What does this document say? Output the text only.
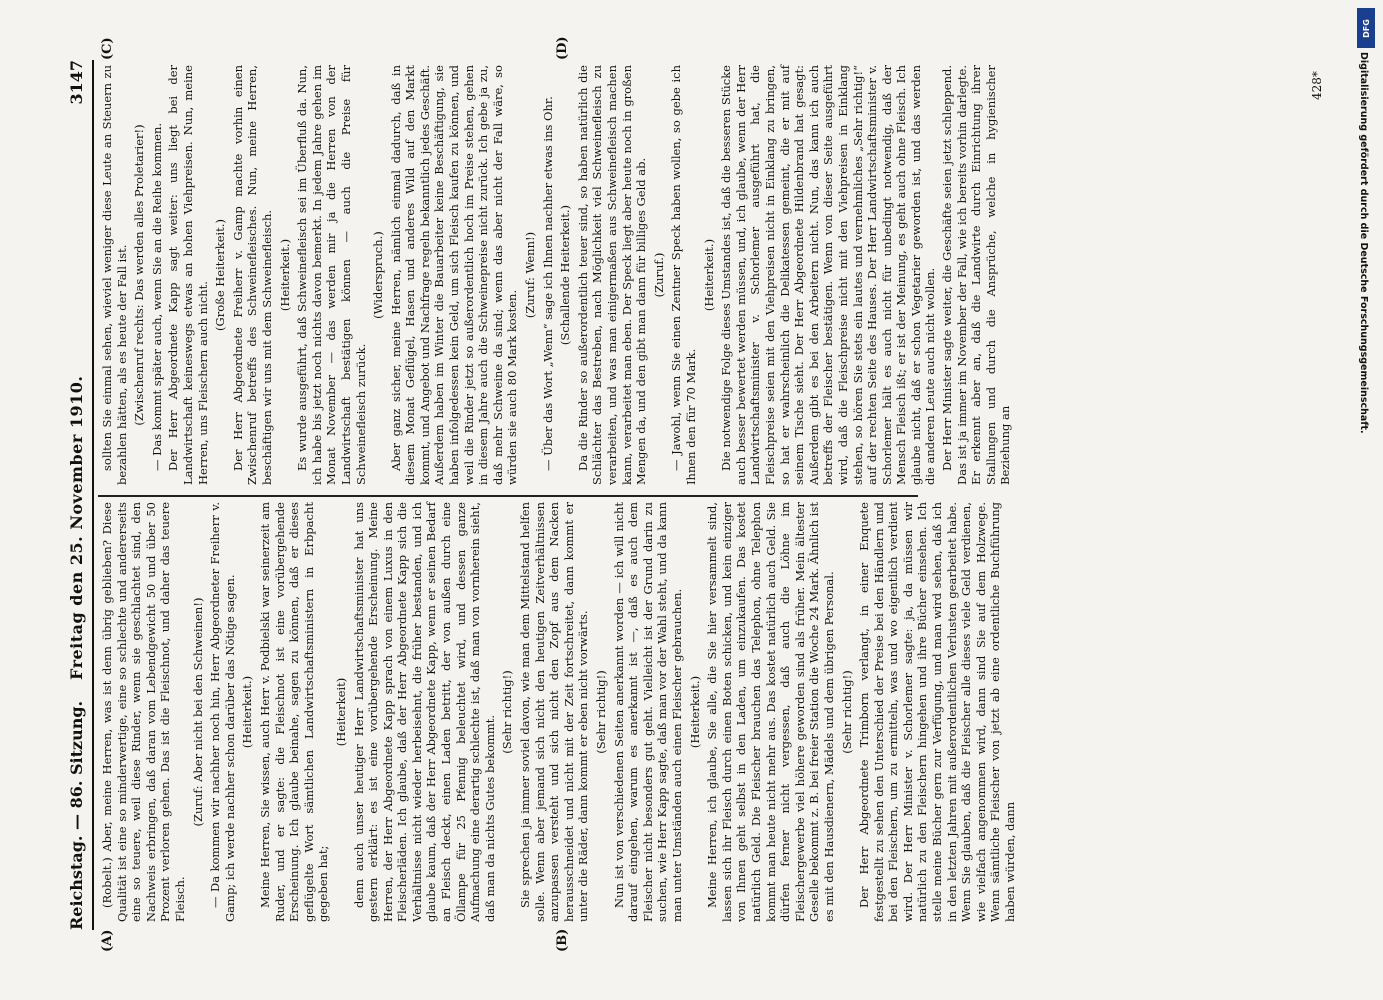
Reichstag. — 86. Sitzung.
Freitag den 25. November 1910.
3147
(A)	(B)
(C)	(D)

(Robelt.) Aber, meine Herren, was ist denn übrig geblieben? Diese Qualität ist eine so minderwertige, eine so schlechte und andererseits eine so teuere, weil diese Rinder, wenn sie geschlachtet sind, den Nachweis erbringen, daß daran vom Lebendgewicht 50 und über 50 Prozent verloren gehen. Das ist die Fleischnot, und daher das teuere Fleisch.

(Zuruf: Aber nicht bei den Schweinen!) — Da kommen wir nachher noch hin, Herr Abgeordneter Freiherr v. Gamp; ich werde nachher schon darüber das Nötige sagen. (Heiterkeit.) Meine Herren, Sie wissen, auch Herr v. Podbielski war seinerzeit am Ruder, und er sagte: die Fleischnot ist eine vorübergehende Erscheinung. Ich glaube beinahe, sagen zu können, daß er dieses geflügelte Wort sämtlichen Landwirtschaftsministern in Erbpacht gegeben hat;

(Heiterkeit) denn auch unser heutiger Herr Landwirtschaftsminister hat uns gestern erklärt: es ist eine vorübergehende Erscheinung. Meine Herren, der Herr Abgeordnete Kapp sprach von einem Luxus in den Fleischerläden. Ich glaube, daß der Herr Abgeordnete Kapp sich die Verhältnisse nicht wieder herbeisehnt, die früher bestanden, und ich glaube kaum, daß der Herr Abgeordnete Kapp, wenn er seinen Bedarf an Fleisch deckt, einen Laden betritt, der von außen durch eine Öllampe für 25 Pfennig beleuchtet wird, und dessen ganze Aufmachung eine derartig schlechte ist, daß man von vornherein sieht, daß man da nichts Gutes bekommt.

(Sehr richtig!) Sie sprechen ja immer soviel davon, wie man dem Mittelstand helfen solle. Wenn aber jemand sich nicht den heutigen Zeitverhältnissen anzupassen versteht und sich nicht den Zopf aus dem Nacken herausschneidet und nicht mit der Zeit fortschreitet, dann kommt er unter die Räder, dann kommt er eben nicht vorwärts. (Sehr richtig!) Nun ist von verschiedenen Seiten anerkannt worden — ich will nicht darauf eingehen, warum es anerkannt ist —, daß es auch dem Fleischer nicht besonders gut geht. Vielleicht ist der Grund darin zu suchen, wie Herr Kapp sagte, daß man vor der Wahl steht, und da kann man unter Umständen auch einen Fleischer gebrauchen. (Heiterkeit.) Meine Herren, ich glaube, Sie alle, die Sie hier versammelt sind, lassen sich ihr Fleisch durch einen Boten schicken, und kein einziger von Ihnen geht selbst in den Laden, um einzukaufen. Das kostet natürlich Geld. Die Fleischer brauchen das Telephon, ohne Telephon kommt man heute nicht mehr aus. Das kostet natürlich auch Geld. Sie dürfen ferner nicht vergessen, daß auch die Löhne im Fleischergewerbe viel höhere geworden sind als früher. Mein ältester Geselle bekommt z. B. bei freier Station die Woche 24 Mark. Ähnlich ist es mit den Hausdienern, Mädels und dem übrigen Personal. (Sehr richtig!) Der Herr Abgeordnete Trimborn verlangt, in einer Enquete festgestellt zu sehen den Unterschied der Preise bei den Händlern und bei den Fleischern, um zu ermitteln, was und wo eigentlich verdient wird. Der Herr Minister v. Schorlemer sagte: ja, da müssen wir natürlich zu den Fleischern hingehen und ihre Bücher einsehen. Ich stelle meine Bücher gern zur Verfügung, und man wird sehen, daß ich in den letzten Jahren mit außerordentlichen Verlusten gearbeitet habe. Wenn Sie glauben, daß die Fleischer alle dieses viele Geld verdienen, wie vielfach angenommen wird, dann sind Sie auf dem Holzwege. Wenn sämtliche Fleischer von jetzt ab eine ordentliche Buchführung haben würden, dann

sollten Sie einmal sehen, wieviel weniger diese Leute an Steuern zu bezahlen hätten, als es heute der Fall ist. (Zwischenruf rechts: Das werden alles Proletarier!) — Das kommt später auch, wenn Sie an die Reihe kommen. Der Herr Abgeordnete Kapp sagt weiter: uns liegt bei der Landwirtschaft keineswegs etwas an hohen Viehpreisen. Nun, meine Herren, uns Fleischern auch nicht.

(Große Heiterkeit.) Der Herr Abgeordnete Freiherr v. Gamp machte vorhin einen Zwischenruf betreffs des Schweinefleisches. Nun, meine Herren, beschäftigen wir uns mit dem Schweinefleisch. (Heiterkeit.) Es wurde ausgeführt, daß Schweinefleisch sei im Überfluß da. Nun, ich habe bis jetzt noch nichts davon bemerkt. In jedem Jahre gehen im Monat November — das werden mir ja die Herren von der Landwirtschaft bestätigen können — auch die Preise für Schweinefleisch zurück.

(Widerspruch.) Aber ganz sicher, meine Herren, nämlich einmal dadurch, daß in diesem Monat Geflügel, Hasen und anderes Wild auf den Markt kommt, und Angebot und Nachfrage regeln bekanntlich jedes Geschäft. Außerdem haben im Winter die Bauarbeiter keine Beschäftigung, sie haben infolgedessen kein Geld, um sich Fleisch kaufen zu können, und weil die Rinder jetzt so außerordentlich hoch im Preise stehen, gehen in diesem Jahre auch die Schweinepreise nicht zurück. Ich gebe ja zu, daß mehr Schweine da sind; wenn das aber nicht der Fall wäre, so würden sie auch 80 Mark kosten.

(Zuruf: Wenn!) — Über das Wort „Wenn“ sage ich Ihnen nachher etwas ins Ohr. (Schallende Heiterkeit.) Da die Rinder so außerordentlich teuer sind, so haben natürlich die Schlächter das Bestreben, nach Möglichkeit viel Schweinefleisch zu verarbeiten, und was man einigermaßen aus Schweinefleisch machen kann, verarbeitet man eben. Der Speck liegt aber heute noch in großen Mengen da, und den gibt man dann für billiges Geld ab. (Zuruf.) — Jawohl, wenn Sie einen Zentner Speck haben wollen, so gebe ich Ihnen den für 70 Mark.

(Heiterkeit.) Die notwendige Folge dieses Umstandes ist, daß die besseren Stücke auch besser bewertet werden müssen, und, ich glaube, wenn der Herr Landwirtschaftsminister v. Schorlemer ausgeführt hat, die Fleischpreise seien mit den Viehpreisen nicht in Einklang zu bringen, so hat er wahrscheinlich die Delikatessen gemeint, die er mit auf seinem Tische sieht. Der Herr Abgeordnete Hildenbrand hat gesagt: Außerdem gibt es bei den Arbeitern nicht. Nun, das kann ich auch betreffs der Fleischer bestätigen. Wenn von dieser Seite ausgeführt wird, daß die Fleischpreise nicht mit den Viehpreisen in Einklang stehen, so hören Sie stets ein lautes und vernehmliches „Sehr richtig!“ auf der rechten Seite des Hauses. Der Herr Landwirtschaftsminister v. Schorlemer hält es auch nicht für unbedingt notwendig, daß der Mensch Fleisch ißt; er ist der Meinung, es geht auch ohne Fleisch. Ich glaube nicht, daß er schon Vegetarier geworden ist, und das werden die anderen Leute auch nicht wollen. Der Herr Minister sagte weiter, die Geschäfte seien jetzt schleppend. Das ist ja immer im November der Fall, wie ich bereits vorhin darlegte. Er erkennt aber an, daß die Landwirte durch Einrichtung ihrer Stallungen und durch die Ansprüche, welche in hygienischer Beziehung an

428*
DFG
Digitalisierung gefördert durch die Deutsche Forschungsgemeinschaft.
